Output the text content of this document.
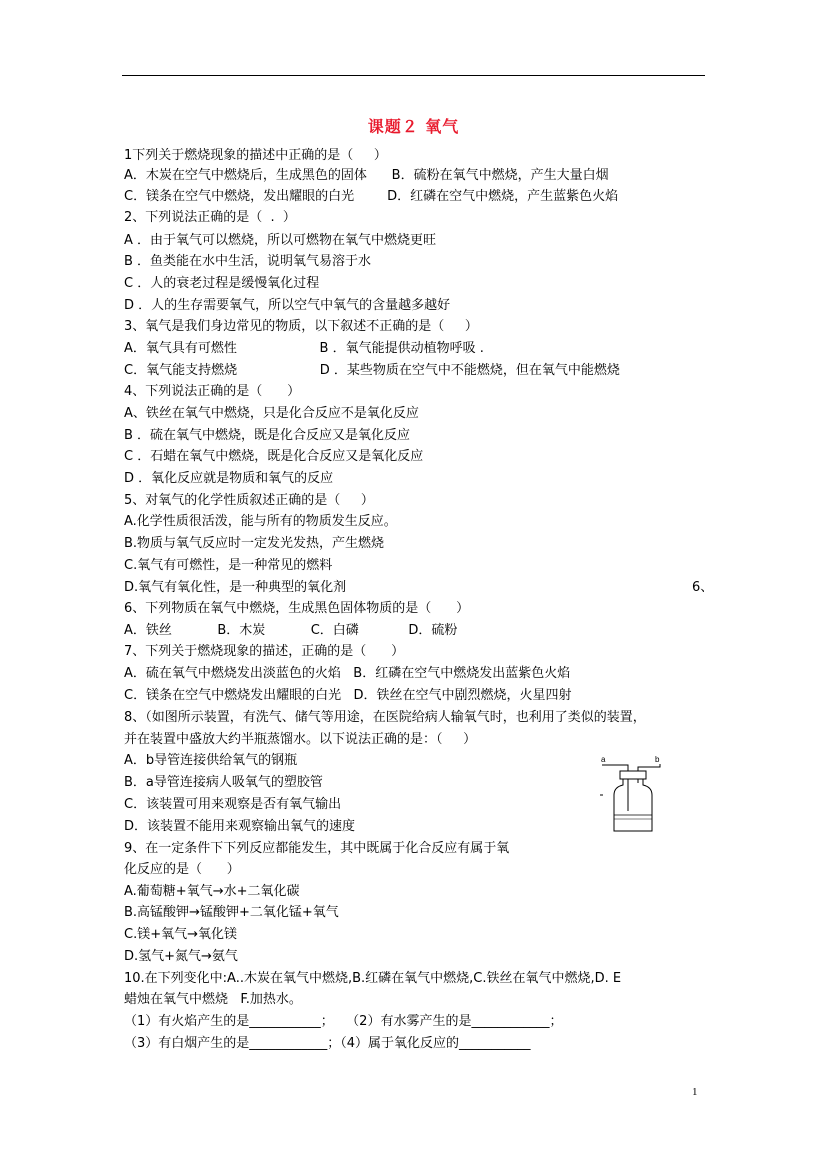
课题２ 氧气
1下列关于燃烧现象的描述中正确的是（     ）
A．木炭在空气中燃烧后，生成黑色的固体      B．硫粉在氧气中燃烧，产生大量白烟
C．镁条在空气中燃烧，发出耀眼的白光        D．红磷在空气中燃烧，产生蓝紫色火焰
2、下列说法正确的是（  .  ）
A ．由于氧气可以燃烧，所以可燃物在氧气中燃烧更旺
B ．鱼类能在水中生活，说明氧气易溶于水
C ．人的衰老过程是缓慢氧化过程
D ．人的生存需要氧气，所以空气中氧气的含量越多越好
3、氧气是我们身边常见的物质，以下叙述不正确的是（     ）
A．氧气具有可燃性                    B ．氧气能提供动植物呼吸 .
C．氧气能支持燃烧                    D ．某些物质在空气中不能燃烧，但在氧气中能燃烧
4、下列说法正确的是（      ）
A、铁丝在氧气中燃烧，只是化合反应不是氧化反应
B ．硫在氧气中燃烧，既是化合反应又是氧化反应
C ．石蜡在氧气中燃烧，既是化合反应又是氧化反应
D ．氧化反应就是物质和氧气的反应
5、对氧气的化学性质叙述正确的是（     ）
A.化学性质很活泼，能与所有的物质发生反应。
B.物质与氧气反应时一定发光发热，产生燃烧
C.氧气有可燃性，是一种常见的燃料
D.氧气有氧化性，是一种典型的氧化剂	6、
6、下列物质在氧气中燃烧，生成黑色固体物质的是（      ）
A．铁丝           B．木炭           C．白磷            D．硫粉
7、下列关于燃烧现象的描述，正确的是（      ）
A．硫在氧气中燃烧发出淡蓝色的火焰   B．红磷在空气中燃烧发出蓝紫色火焰
C．镁条在空气中燃烧发出耀眼的白光   D．铁丝在空气中剧烈燃烧，火星四射
8、（如图所示装置，有洗气、储气等用途，在医院给病人输氧气时，也利用了类似的装置，
并在装置中盛放大约半瓶蒸馏水。以下说法正确的是：（     ）
A．b导管连接供给氧气的钢瓶
B．a导管连接病人吸氧气的塑胶管
C．该装置可用来观察是否有氧气输出
D．该装置不能用来观察输出氧气的速度
9、在一定条件下下列反应都能发生，其中既属于化合反应有属于氧
化反应的是（      ）
A.葡萄糖+氧气→水+二氧化碳
B.高锰酸钾→锰酸钾+二氧化锰+氧气
C.镁+氧气→氧化镁
D.氢气+氮气→氨气
10.在下列变化中:A..木炭在氧气中燃烧,B.红磷在氧气中燃烧,C.铁丝在氧气中燃烧,D. E
蜡烛在氧气中燃烧   F.加热水。
（1）有火焰产生的是___________；   （2）有水雾产生的是____________；
（3）有白烟产生的是____________；（4）属于氧化反应的___________
a	b
1
